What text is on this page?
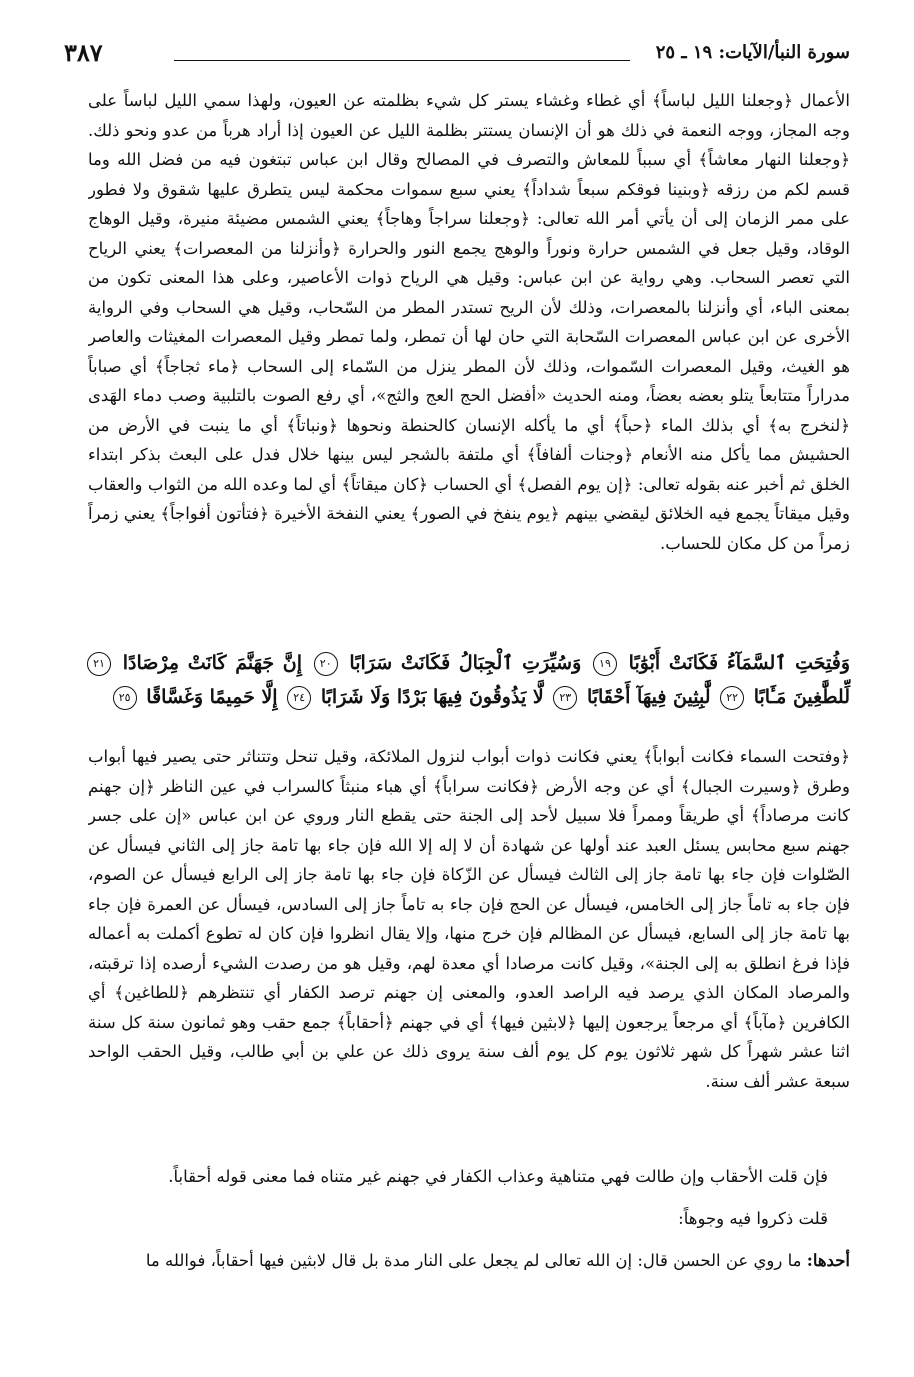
سورة النبأ/الآيات: ١٩ ـ ٢٥
٣٨٧

الأعمال ﴿وجعلنا الليل لباساً﴾ أي غطاء وغشاء يستر كل شيء بظلمته عن العيون، ولهذا سمي الليل لباساً على وجه المجاز، ووجه النعمة في ذلك هو أن الإنسان يستتر بظلمة الليل عن العيون إذا أراد هرباً من عدو ونحو ذلك. ﴿وجعلنا النهار معاشاً﴾ أي سبباً للمعاش والتصرف في المصالح وقال ابن عباس تبتغون فيه من فضل الله وما قسم لكم من رزقه ﴿وبنينا فوقكم سبعاً شداداً﴾ يعني سبع سموات محكمة ليس يتطرق عليها شقوق ولا فطور على ممر الزمان إلى أن يأتي أمر الله تعالى: ﴿وجعلنا سراجاً وهاجاً﴾ يعني الشمس مضيئة منيرة، وقيل الوهاج الوقاد، وقيل جعل في الشمس حرارة ونوراً والوهج يجمع النور والحرارة ﴿وأنزلنا من المعصرات﴾ يعني الرياح التي تعصر السحاب. وهي رواية عن ابن عباس: وقيل هي الرياح ذوات الأعاصير، وعلى هذا المعنى تكون من بمعنى الباء، أي وأنزلنا بالمعصرات، وذلك لأن الريح تستدر المطر من السّحاب، وقيل هي السحاب وفي الرواية الأخرى عن ابن عباس المعصرات السّحابة التي حان لها أن تمطر، ولما تمطر وقيل المعصرات المغيثات والعاصر هو الغيث، وقيل المعصرات السّموات، وذلك لأن المطر ينزل من السّماء إلى السحاب ﴿ماء ثجاجاً﴾ أي صباباً مدراراً متتابعاً يتلو بعضه بعضاً، ومنه الحديث «أفضل الحج العج والثج»، أي رفع الصوت بالتلبية وصب دماء الهَدى ﴿لنخرج به﴾ أي بذلك الماء ﴿حباً﴾ أي ما يأكله الإنسان كالحنطة ونحوها ﴿ونباتاً﴾ أي ما ينبت في الأرض من الحشيش مما يأكل منه الأنعام ﴿وجنات ألفافاً﴾ أي ملتفة بالشجر ليس بينها خلال فدل على البعث بذكر ابتداء الخلق ثم أخبر عنه بقوله تعالى: ﴿إن يوم الفصل﴾ أي الحساب ﴿كان ميقاتاً﴾ أي لما وعده الله من الثواب والعقاب وقيل ميقاتاً يجمع فيه الخلائق ليقضي بينهم ﴿يوم ينفخ في الصور﴾ يعني النفخة الأخيرة ﴿فتأتون أفواجاً﴾ يعني زمراً زمراً من كل مكان للحساب.

وَفُتِحَتِ ٱلسَّمَآءُ فَكَانَتْ أَبْوَٰبًا ١٩ وَسُيِّرَتِ ٱلْجِبَالُ فَكَانَتْ سَرَابًا ٢٠ إِنَّ جَهَنَّمَ كَانَتْ مِرْصَادًا ٢١ لِّلطَّٰغِينَ مَـَٔابًا ٢٢ لَّٰبِثِينَ فِيهَآ أَحْقَابًا ٢٣ لَّا يَذُوقُونَ فِيهَا بَرْدًا وَلَا شَرَابًا ٢٤ إِلَّا حَمِيمًا وَغَسَّاقًا ٢٥

﴿وفتحت السماء فكانت أبواباً﴾ يعني فكانت ذوات أبواب لنزول الملائكة، وقيل تنحل وتتناثر حتى يصير فيها أبواب وطرق ﴿وسيرت الجبال﴾ أي عن وجه الأرض ﴿فكانت سراباً﴾ أي هباء منبثاً كالسراب في عين الناظر ﴿إن جهنم كانت مرصاداً﴾ أي طريقاً وممراً فلا سبيل لأحد إلى الجنة حتى يقطع النار وروي عن ابن عباس «إن على جسر جهنم سبع محابس يسئل العبد عند أولها عن شهادة أن لا إله إلا الله فإن جاء بها تامة جاز إلى الثاني فيسأل عن الصّلوات فإن جاء بها تامة جاز إلى الثالث فيسأل عن الزّكاة فإن جاء بها تامة جاز إلى الرابع فيسأل عن الصوم، فإن جاء به تاماً جاز إلى الخامس، فيسأل عن الحج فإن جاء به تاماً جاز إلى السادس، فيسأل عن العمرة فإن جاء بها تامة جاز إلى السابع، فيسأل عن المظالم فإن خرج منها، وإلا يقال انظروا فإن كان له تطوع أكملت به أعماله فإذا فرغ انطلق به إلى الجنة»، وقيل كانت مرصادا أي معدة لهم، وقيل هو من رصدت الشيء أرصده إذا ترقبته، والمرصاد المكان الذي يرصد فيه الراصد العدو، والمعنى إن جهنم ترصد الكفار أي تنتظرهم ﴿للطاغين﴾ أي الكافرين ﴿مآباً﴾ أي مرجعاً يرجعون إليها ﴿لابثين فيها﴾ أي في جهنم ﴿أحقاباً﴾ جمع حقب وهو ثمانون سنة كل سنة اثنا عشر شهراً كل شهر ثلاثون يوم كل يوم ألف سنة يروى ذلك عن علي بن أبي طالب، وقيل الحقب الواحد سبعة عشر ألف سنة.

فإن قلت الأحقاب وإن طالت فهي متناهية وعذاب الكفار في جهنم غير متناه فما معنى قوله أحقاباً.

قلت ذكروا فيه وجوهاً:

أحدها: ما روي عن الحسن قال: إن الله تعالى لم يجعل على النار مدة بل قال لابثين فيها أحقاباً، فوالله ما
